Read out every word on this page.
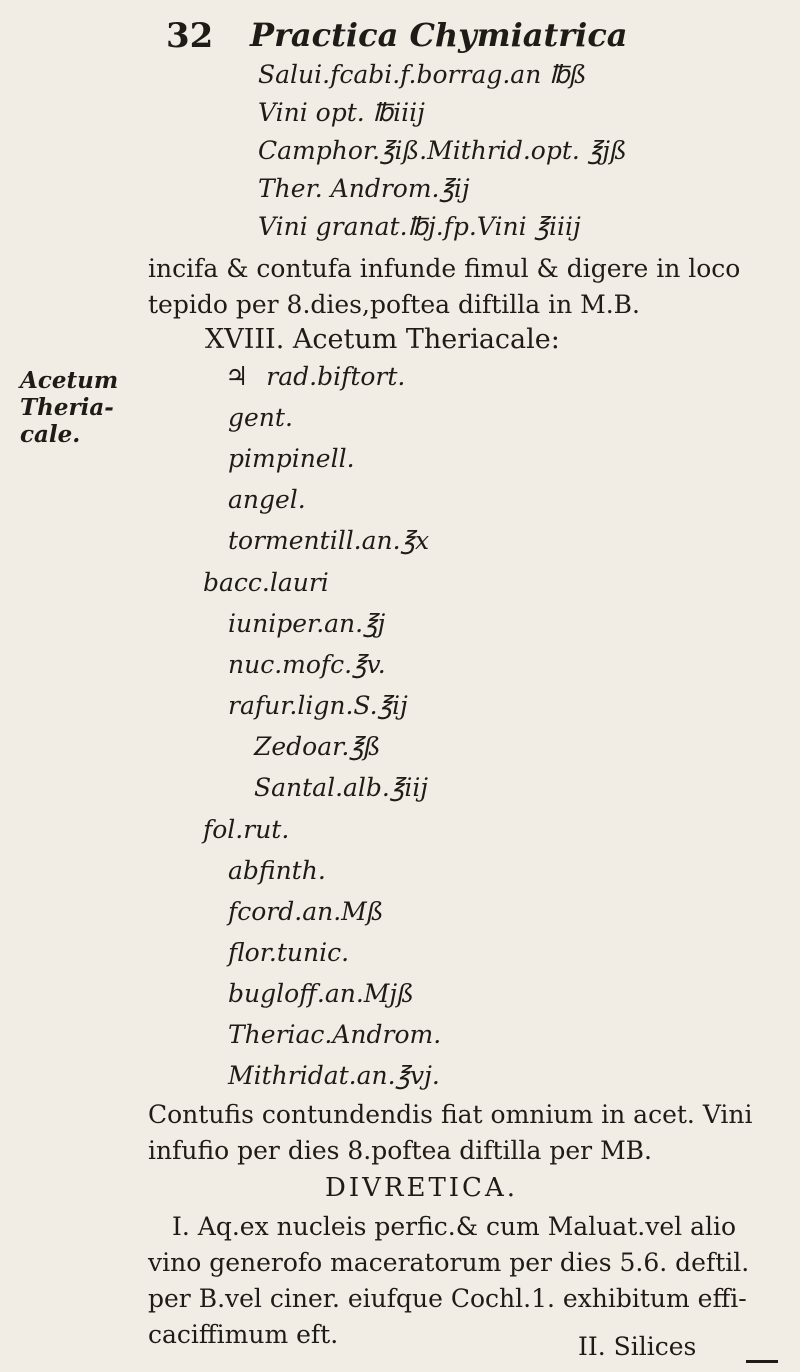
32 Practica Chymiatrica
Salui.fcabi.f.borrag.an ℔ß
Vini opt. ℔iiij
Camphor.℥iß.Mithrid.opt. ℥jß
Ther. Androm.℥ij
Vini granat.℔j.fp.Vini ℥iiij
incifa & contufa infunde fimul & digere in loco
tepido per 8.dies,poftea diftilla in M.B.
Acetum
Theria-
cale.
XVIII. Acetum Theriacale:
♃ rad.biftort.
gent.
pimpinell.
angel.
tormentill.an.℥x
bacc.lauri
iuniper.an.℥j
nuc.mofc.℥v.
rafur.lign.S.℥ij
Zedoar.℥ß
Santal.alb.℥iij
fol.rut.
abfinth.
fcord.an.Mß
flor.tunic.
bugloff.an.Mjß
Theriac.Androm.
Mithridat.an.℥vj.
Contufis contundendis fiat omnium in acet. Vini
infufio per dies 8.poftea diftilla per MB.
DIVRETICA.
I. Aq.ex nucleis perfic.& cum Maluat.vel alio
vino generofo maceratorum per dies 5.6. deftil.
per B.vel ciner. eiufque Cochl.1. exhibitum effi-
caciffimum eft.	II. Silices
